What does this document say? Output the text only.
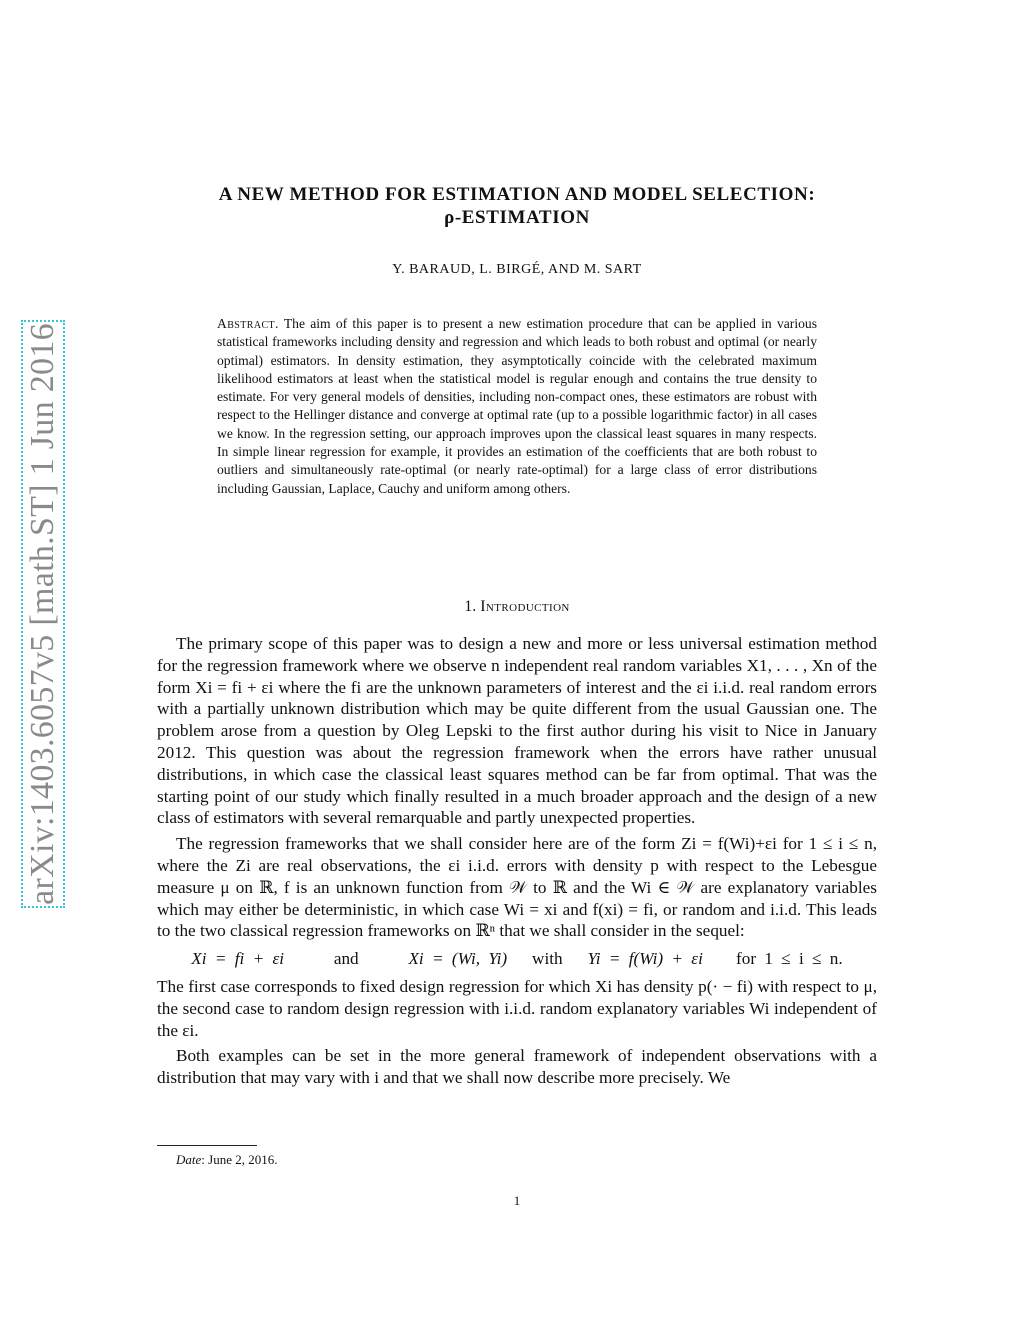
arXiv:1403.6057v5 [math.ST] 1 Jun 2016
A NEW METHOD FOR ESTIMATION AND MODEL SELECTION:
ρ-ESTIMATION
Y. BARAUD, L. BIRGÉ, AND M. SART
Abstract. The aim of this paper is to present a new estimation procedure that can be applied in various statistical frameworks including density and regression and which leads to both robust and optimal (or nearly optimal) estimators. In density estimation, they asymptotically coincide with the celebrated maximum likelihood estimators at least when the statistical model is regular enough and contains the true density to estimate. For very general models of densities, including non-compact ones, these estimators are robust with respect to the Hellinger distance and converge at optimal rate (up to a possible logarithmic factor) in all cases we know. In the regression setting, our approach improves upon the classical least squares in many respects. In simple linear regression for example, it provides an estimation of the coefficients that are both robust to outliers and simultaneously rate-optimal (or nearly rate-optimal) for a large class of error distributions including Gaussian, Laplace, Cauchy and uniform among others.
1. Introduction

The primary scope of this paper was to design a new and more or less universal estimation method for the regression framework where we observe n independent real random variables X1, . . . , Xn of the form Xi = fi + εi where the fi are the unknown parameters of interest and the εi i.i.d. real random errors with a partially unknown distribution which may be quite different from the usual Gaussian one. The problem arose from a question by Oleg Lepski to the first author during his visit to Nice in January 2012. This question was about the regression framework when the errors have rather unusual distributions, in which case the classical least squares method can be far from optimal. That was the starting point of our study which finally resulted in a much broader approach and the design of a new class of estimators with several remarquable and partly unexpected properties.

The regression frameworks that we shall consider here are of the form Zi = f(Wi)+εi for 1 ≤ i ≤ n, where the Zi are real observations, the εi i.i.d. errors with density p with respect to the Lebesgue measure μ on ℝ, f is an unknown function from 𝒲 to ℝ and the Wi ∈ 𝒲 are explanatory variables which may either be deterministic, in which case Wi = xi and f(xi) = fi, or random and i.i.d. This leads to the two classical regression frameworks on ℝⁿ that we shall consider in the sequel:

Xi = fi + εi	and	Xi = (Wi, Yi) with Yi = f(Wi) + εi for 1 ≤ i ≤ n.

The first case corresponds to fixed design regression for which Xi has density p(· − fi) with respect to μ, the second case to random design regression with i.i.d. random explanatory variables Wi independent of the εi.

Both examples can be set in the more general framework of independent observations with a distribution that may vary with i and that we shall now describe more precisely. We

Date: June 2, 2016.
1
